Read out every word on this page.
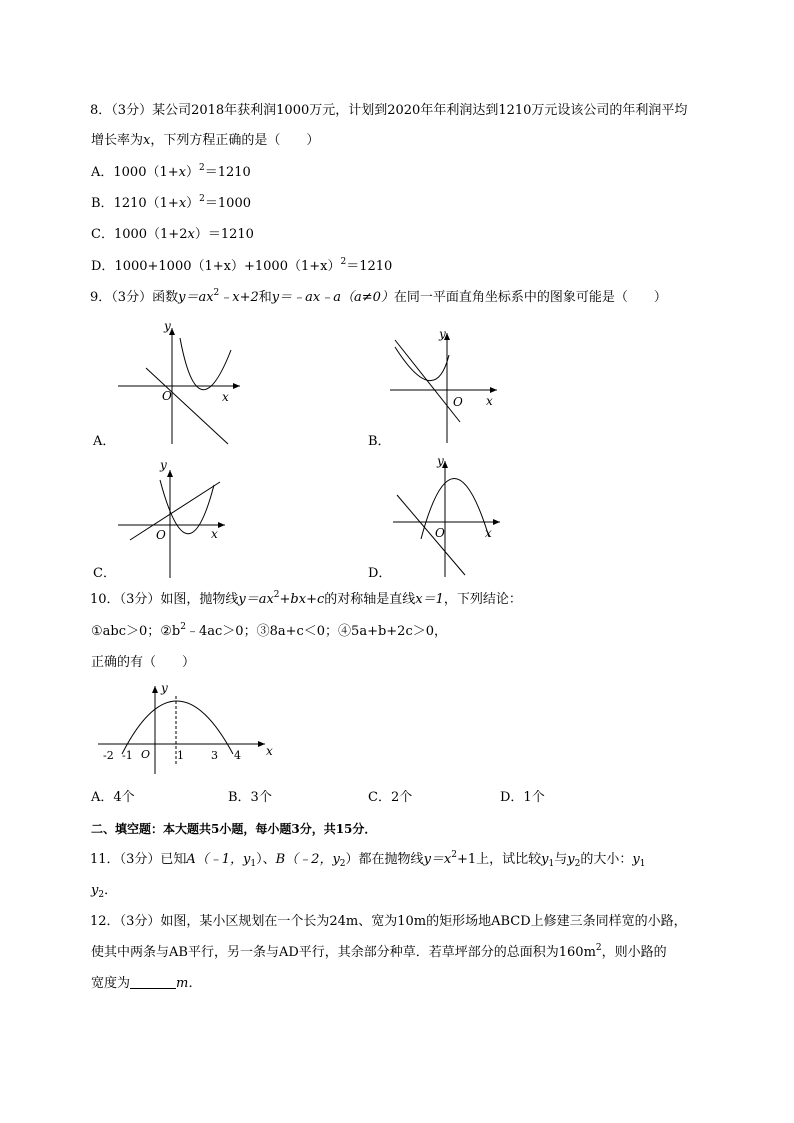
8．（3分）某公司2018年获利润1000万元，计划到2020年年利润达到1210万元设该公司的年利润平均
增长率为x，下列方程正确的是（　　）
A．$1000(1+x)^2=1210$
B．$1210(1+x)^2=1000$
C．1000（1+2x）＝1210
D．$1000+1000(1+x)+1000(1+x)^2=1210$
9．（3分）函数$y=ax^2﹣x+2$和y＝﹣ax﹣a（a≠0）在同一平面直角坐标系中的图象可能是（　　）
y
x
O
A．
y
x
O
B．
y
x
O
C．
y
x
O
D．
10．（3分）如图，抛物线$y=ax^2+bx+c$的对称轴是直线x＝1，下列结论：
①abc＞0；$②b^2﹣4ac>0$；③8a+c＜0；④5a+b+2c＞0，
正确的有（　　）
y
x
O
-2 -1	1 3 4
A．4个	B．3个	C．2个	D．1个
二、填空题：本大题共5小题，每小题3分，共15分．
11．（3分）已知A（﹣1，$y_1$）、B（﹣2，$y_2$）都在抛物线$y=x^2+1$上，试比较$y_1$与$y_2$的大小：$y_1$
$y_2$．
12．（3分）如图，某小区规划在一个长为24m、宽为10m的矩形场地ABCD上修建三条同样宽的小路，
使其中两条与AB平行，另一条与AD平行，其余部分种草．若草坪部分的总面积为$160m^2$，则小路的
宽度为	m．
